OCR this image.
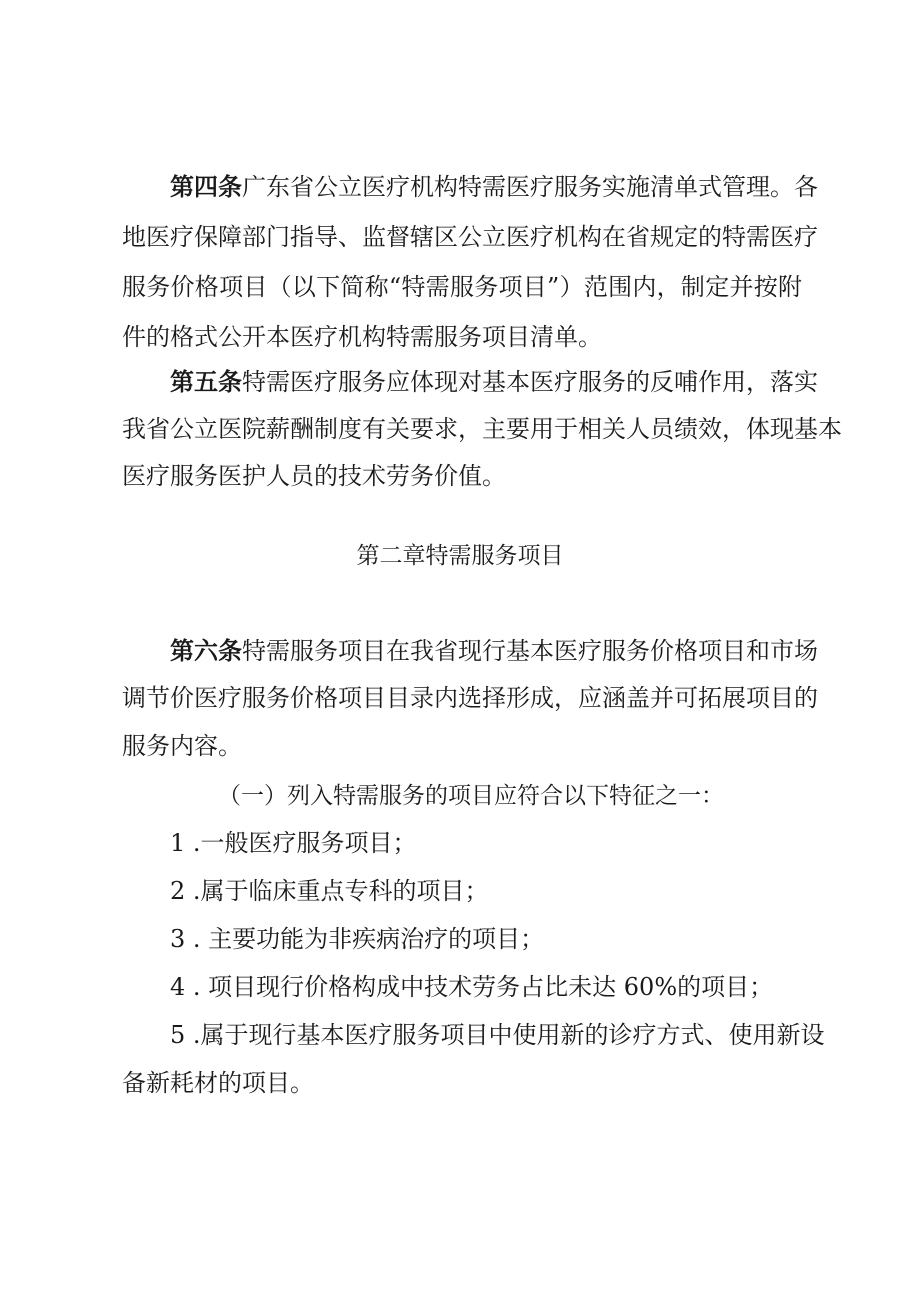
第四条广东省公立医疗机构特需医疗服务实施清单式管理。各
地医疗保障部门指导、监督辖区公立医疗机构在省规定的特需医疗
服务价格项目（以下简称“特需服务项目”）范围内，制定并按附
件的格式公开本医疗机构特需服务项目清单。
第五条特需医疗服务应体现对基本医疗服务的反哺作用，落实
我省公立医院薪酬制度有关要求，主要用于相关人员绩效，体现基本
医疗服务医护人员的技术劳务价值。
第二章特需服务项目
第六条特需服务项目在我省现行基本医疗服务价格项目和市场
调节价医疗服务价格项目目录内选择形成，应涵盖并可拓展项目的
服务内容。
（一）列入特需服务的项目应符合以下特征之一：
1 .一般医疗服务项目；
2 .属于临床重点专科的项目；
3 . 主要功能为非疾病治疗的项目；
4 . 项目现行价格构成中技术劳务占比未达 60%的项目；
5 .属于现行基本医疗服务项目中使用新的诊疗方式、使用新设
备新耗材的项目。
